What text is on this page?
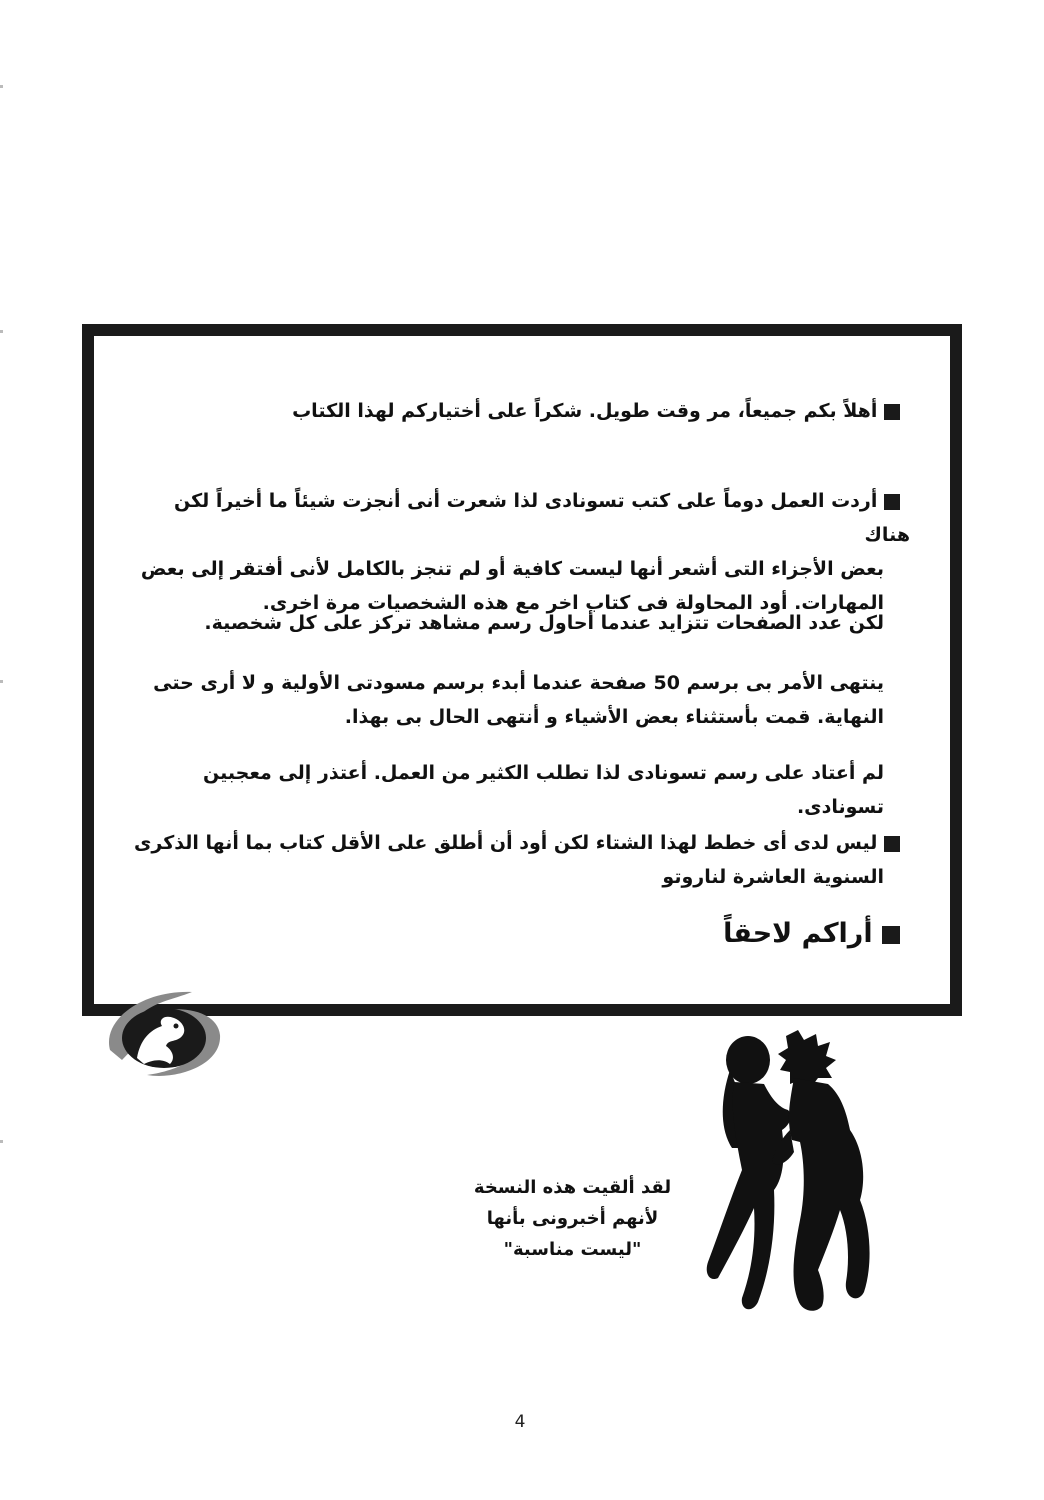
أهلاً بكم جميعاً، مر وقت طويل. شكراً على أختياركم لهذا الكتاب
أردت العمل دوماً على كتب تسونادى لذا شعرت أنى أنجزت شيئاً ما أخيراً لكن هناك
بعض الأجزاء التى أشعر أنها ليست كافية أو لم تنجز بالكامل لأنى أفتقر إلى بعض
المهارات. أود المحاولة فى كتاب اخر مع هذه الشخصيات مرة اخرى.
لكن عدد الصفحات تتزايد عندما أحاول رسم مشاهد تركز على كل شخصية.
ينتهى الأمر بى برسم 50 صفحة عندما أبدء برسم مسودتى الأولية و لا أرى حتى
النهاية. قمت بأستثناء بعض الأشياء و أنتهى الحال بى بهذا.
لم أعتاد على رسم تسونادى لذا تطلب الكثير من العمل. أعتذر إلى معجبين تسونادى.
ليس لدى أى خطط لهذا الشتاء لكن أود أن أطلق على الأقل كتاب بما أنها الذكرى
السنوية العاشرة لناروتو
أراكم لاحقاً
لقد ألقيت هذه النسخة
لأنهم أخبرونى بأنها
"ليست مناسبة"
4
